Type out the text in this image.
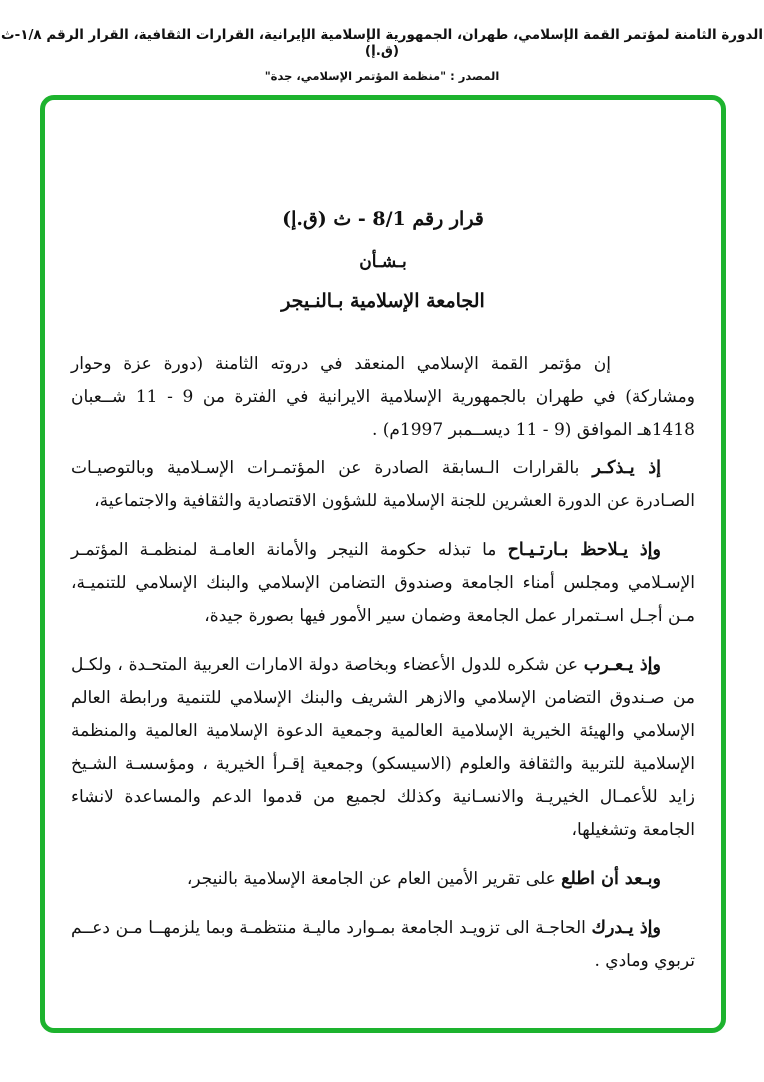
الدورة الثامنة لمؤتمر القمة الإسلامي، طهران، الجمهورية الإسلامية الإيرانية، القرارات الثقافية، القرار الرقم ١/٨-ث (ق.إ)
المصدر : "منظمة المؤتمر الإسلامي، جدة"
قرار رقم 8/1 - ث (ق.إ)
بـشـأن
الجامعة الإسلامية بـالنـيجر

إن مؤتمر القمة الإسلامي المنعقد في دروته الثامنة (دورة عزة وحوار ومشاركة) في طهران بالجمهورية الإسلامية الايرانية في الفترة من 9 - 11 شــعبان 1418هـ الموافق (9 - 11 ديســمبر 1997م) .

إذ يـذكـر بالقرارات الـسابقة الصادرة عن المؤتمـرات الإسـلامية وبالتوصيـات الصـادرة عن الدورة العشرين للجنة الإسلامية للشؤون الاقتصادية والثقافية والاجتماعية،

وإذ يـلاحظ بـارتـيـاح ما تبذله حكومة النيجر والأمانة العامـة لمنظمـة المؤتمـر الإسـلامي ومجلس أمناء الجامعة وصندوق التضامن الإسلامي والبنك الإسلامي للتنميـة، مـن أجـل اسـتمرار عمل الجامعة وضمان سير الأمور فيها بصورة جيدة،

وإذ يـعـرب عن شكره للدول الأعضاء وبخاصة دولة الامارات العربية المتحـدة ، ولكـل من صـندوق التضامن الإسلامي والازهر الشريف والبنك الإسلامي للتنمية ورابطة العالم الإسلامي والهيئة الخيرية الإسلامية العالمية وجمعية الدعوة الإسلامية العالمية والمنظمة الإسلامية للتربية والثقافة والعلوم (الاسيسكو) وجمعية إقـرأ الخيرية ، ومؤسسـة الشـيخ زايد للأعمـال الخيريـة والانسـانية وكذلك لجميع من قدموا الدعم والمساعدة لانشاء الجامعة وتشغيلها،

وبـعد أن اطلع على تقرير الأمين العام عن الجامعة الإسلامية بالنيجر،

وإذ يـدرك الحاجـة الى تزويـد الجامعة بمـوارد ماليـة منتظمـة وبما يلزمهــا مـن دعــم تربوي ومادي .
